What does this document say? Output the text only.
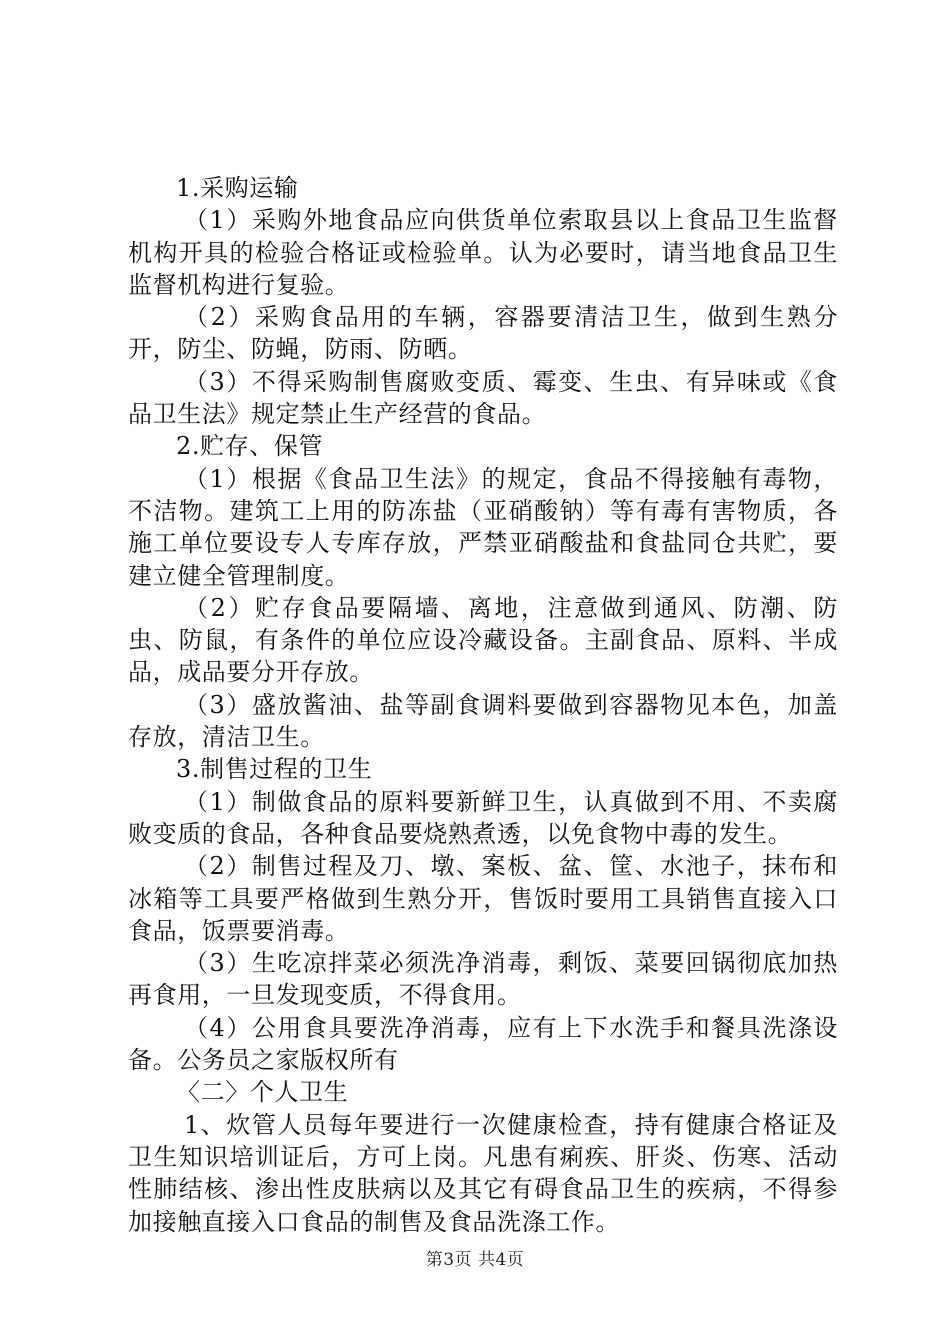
1.采购运输

（1）采购外地食品应向供货单位索取县以上食品卫生监督机构开具的检验合格证或检验单。认为必要时，请当地食品卫生监督机构进行复验。

（2）采购食品用的车辆，容器要清洁卫生，做到生熟分开，防尘、防蝇，防雨、防晒。

（3）不得采购制售腐败变质、霉变、生虫、有异味或《食品卫生法》规定禁止生产经营的食品。

2.贮存、保管

（1）根据《食品卫生法》的规定，食品不得接触有毒物，不洁物。建筑工上用的防冻盐（亚硝酸钠）等有毒有害物质，各施工单位要设专人专库存放，严禁亚硝酸盐和食盐同仓共贮，要建立健全管理制度。

（2）贮存食品要隔墙、离地，注意做到通风、防潮、防虫、防鼠，有条件的单位应设冷藏设备。主副食品、原料、半成品，成品要分开存放。

（3）盛放酱油、盐等副食调料要做到容器物见本色，加盖存放，清洁卫生。

3.制售过程的卫生

（1）制做食品的原料要新鲜卫生，认真做到不用、不卖腐败变质的食品，各种食品要烧熟煮透，以免食物中毒的发生。

（2）制售过程及刀、墩、案板、盆、筐、水池子，抹布和冰箱等工具要严格做到生熟分开，售饭时要用工具销售直接入口食品，饭票要消毒。

（3）生吃凉拌菜必须洗净消毒，剩饭、菜要回锅彻底加热再食用，一旦发现变质，不得食用。

（4）公用食具要洗净消毒，应有上下水洗手和餐具洗涤设备。公务员之家版权所有

〈二〉个人卫生

1、炊管人员每年要进行一次健康检查，持有健康合格证及卫生知识培训证后，方可上岗。凡患有痢疾、肝炎、伤寒、活动性肺结核、渗出性皮肤病以及其它有碍食品卫生的疾病，不得参加接触直接入口食品的制售及食品洗涤工作。

第3页 共4页
